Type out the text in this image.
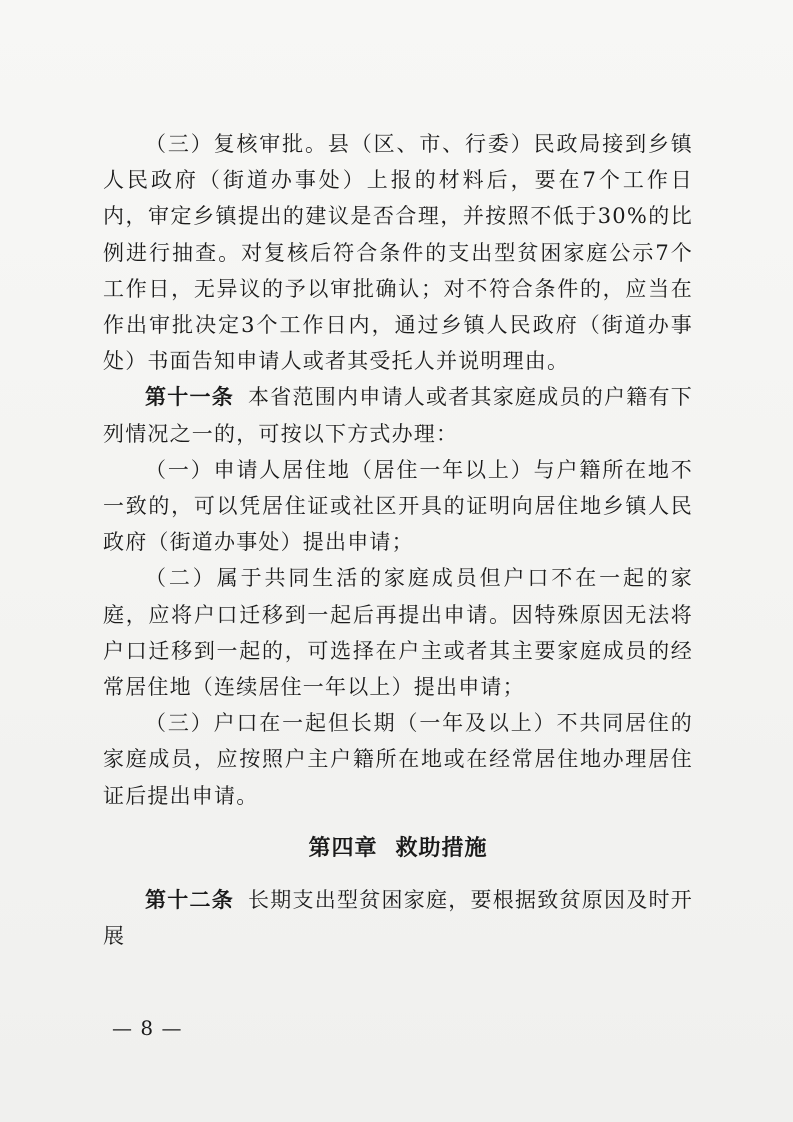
（三）复核审批。县（区、市、行委）民政局接到乡镇人民政府（街道办事处）上报的材料后，要在7个工作日内，审定乡镇提出的建议是否合理，并按照不低于30%的比例进行抽查。对复核后符合条件的支出型贫困家庭公示7个工作日，无异议的予以审批确认；对不符合条件的，应当在作出审批决定3个工作日内，通过乡镇人民政府（街道办事处）书面告知申请人或者其受托人并说明理由。

第十一条 本省范围内申请人或者其家庭成员的户籍有下列情况之一的，可按以下方式办理：

（一）申请人居住地（居住一年以上）与户籍所在地不一致的，可以凭居住证或社区开具的证明向居住地乡镇人民政府（街道办事处）提出申请；

（二）属于共同生活的家庭成员但户口不在一起的家庭，应将户口迁移到一起后再提出申请。因特殊原因无法将户口迁移到一起的，可选择在户主或者其主要家庭成员的经常居住地（连续居住一年以上）提出申请；

（三）户口在一起但长期（一年及以上）不共同居住的家庭成员，应按照户主户籍所在地或在经常居住地办理居住证后提出申请。

第四章 救助措施

第十二条 长期支出型贫困家庭，要根据致贫原因及时开展

— 8 —
